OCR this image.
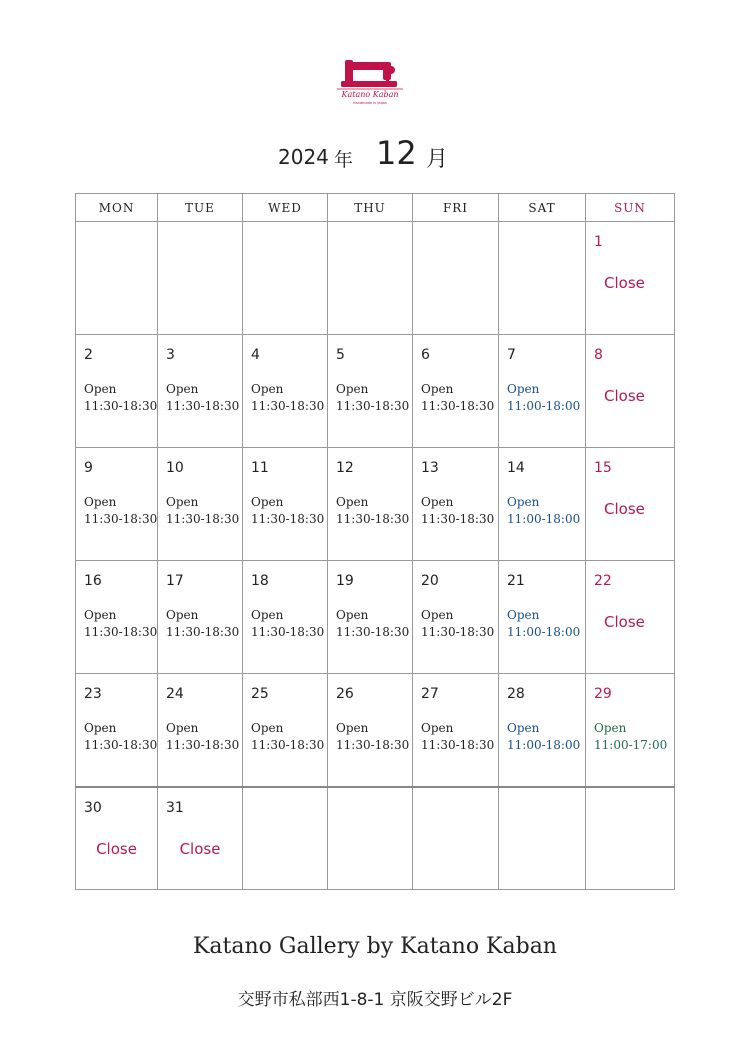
Katano Kaban
Handmade in Japan
2024 年 12 月
MON	TUE	WED	THU	FRI	SAT	SUN

						1
Close

2
Open
11:30-18:30	3
Open
11:30-18:30	4
Open
11:30-18:30	5
Open
11:30-18:30	6
Open
11:30-18:30	7
Open
11:00-18:00	8
Close

9
Open
11:30-18:30	10
Open
11:30-18:30	11
Open
11:30-18:30	12
Open
11:30-18:30	13
Open
11:30-18:30	14
Open
11:00-18:00	15
Close

16
Open
11:30-18:30	17
Open
11:30-18:30	18
Open
11:30-18:30	19
Open
11:30-18:30	20
Open
11:30-18:30	21
Open
11:00-18:00	22
Close

23
Open
11:30-18:30	24
Open
11:30-18:30	25
Open
11:30-18:30	26
Open
11:30-18:30	27
Open
11:30-18:30	28
Open
11:00-18:00	29
Open
11:00-17:00

30
Close	31
Close					

Katano Gallery by Katano Kaban
交野市私部西1-8-1 京阪交野ビル2F
